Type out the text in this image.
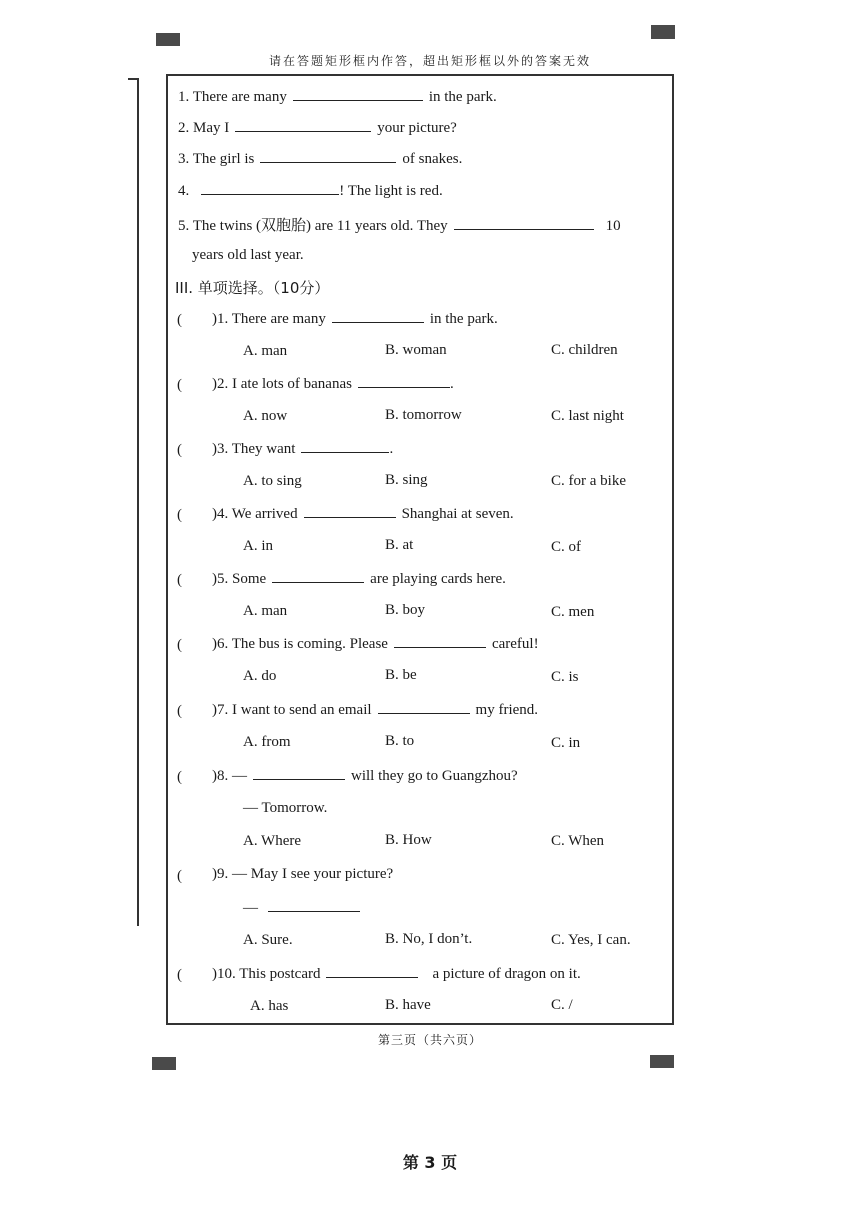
请在答题矩形框内作答，超出矩形框以外的答案无效
1. There are many	in the park.
2. May I	your picture?
3. The girl is	of snakes.
4.	! The light is red.
5. The twins (双胞胎) are 11 years old. They	10
years old last year.
III. 单项选择。（10分）
( )1. There are many	in the park.
A. man	B. woman	C. children
( )2. I ate lots of bananas	.
A. now	B. tomorrow	C. last night
( )3. They want	.
A. to sing	B. sing	C. for a bike
( )4. We arrived	Shanghai at seven.
A. in	B. at	C. of
( )5. Some	are playing cards here.
A. man	B. boy	C. men
( )6. The bus is coming. Please	careful!
A. do	B. be	C. is
( )7. I want to send an email	my friend.
A. from	B. to	C. in
( )8. —	will they go to Guangzhou?
— Tomorrow.
A. Where	B. How	C. When
( )9. — May I see your picture?
—
A. Sure.	B. No, I don’t.	C. Yes, I can.
( )10. This postcard	a picture of dragon on it.
A. has	B. have	C. /
第三页（共六页）
第 3 页
